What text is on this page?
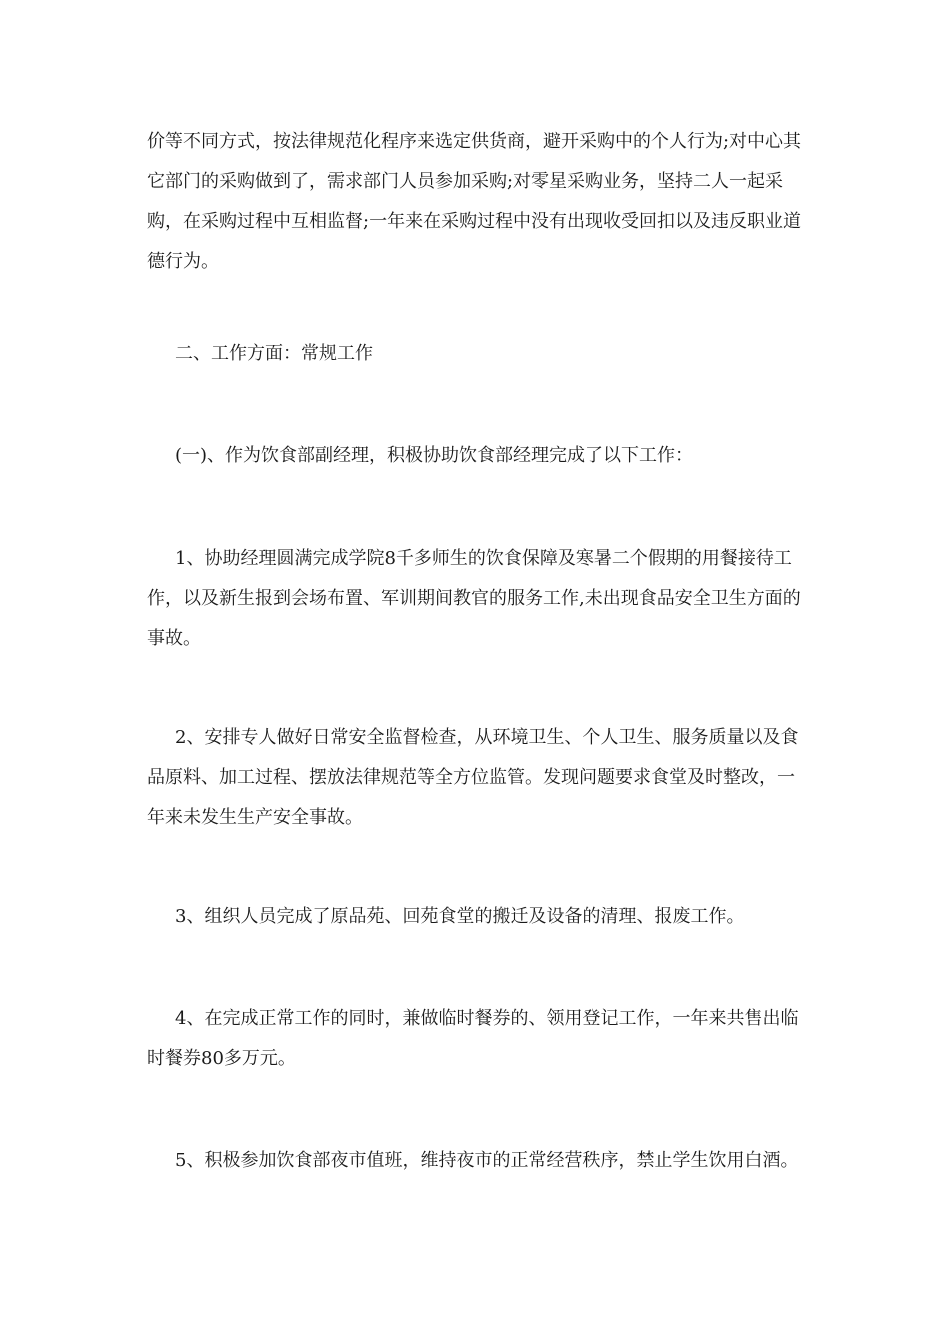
价等不同方式，按法律规范化程序来选定供货商，避开采购中的个人行为;对中心其它部门的采购做到了，需求部门人员参加采购;对零星采购业务，坚持二人一起采购，在采购过程中互相监督;一年来在采购过程中没有出现收受回扣以及违反职业道德行为。

二、工作方面：常规工作

(一)、作为饮食部副经理，积极协助饮食部经理完成了以下工作：

1、协助经理圆满完成学院8千多师生的饮食保障及寒暑二个假期的用餐接待工作，以及新生报到会场布置、军训期间教官的服务工作,未出现食品安全卫生方面的事故。

2、安排专人做好日常安全监督检查，从环境卫生、个人卫生、服务质量以及食品原料、加工过程、摆放法律规范等全方位监管。发现问题要求食堂及时整改，一年来未发生生产安全事故。

3、组织人员完成了原品苑、回苑食堂的搬迁及设备的清理、报废工作。

4、在完成正常工作的同时，兼做临时餐券的、领用登记工作，一年来共售出临时餐券80多万元。

5、积极参加饮食部夜市值班，维持夜市的正常经营秩序，禁止学生饮用白酒。
